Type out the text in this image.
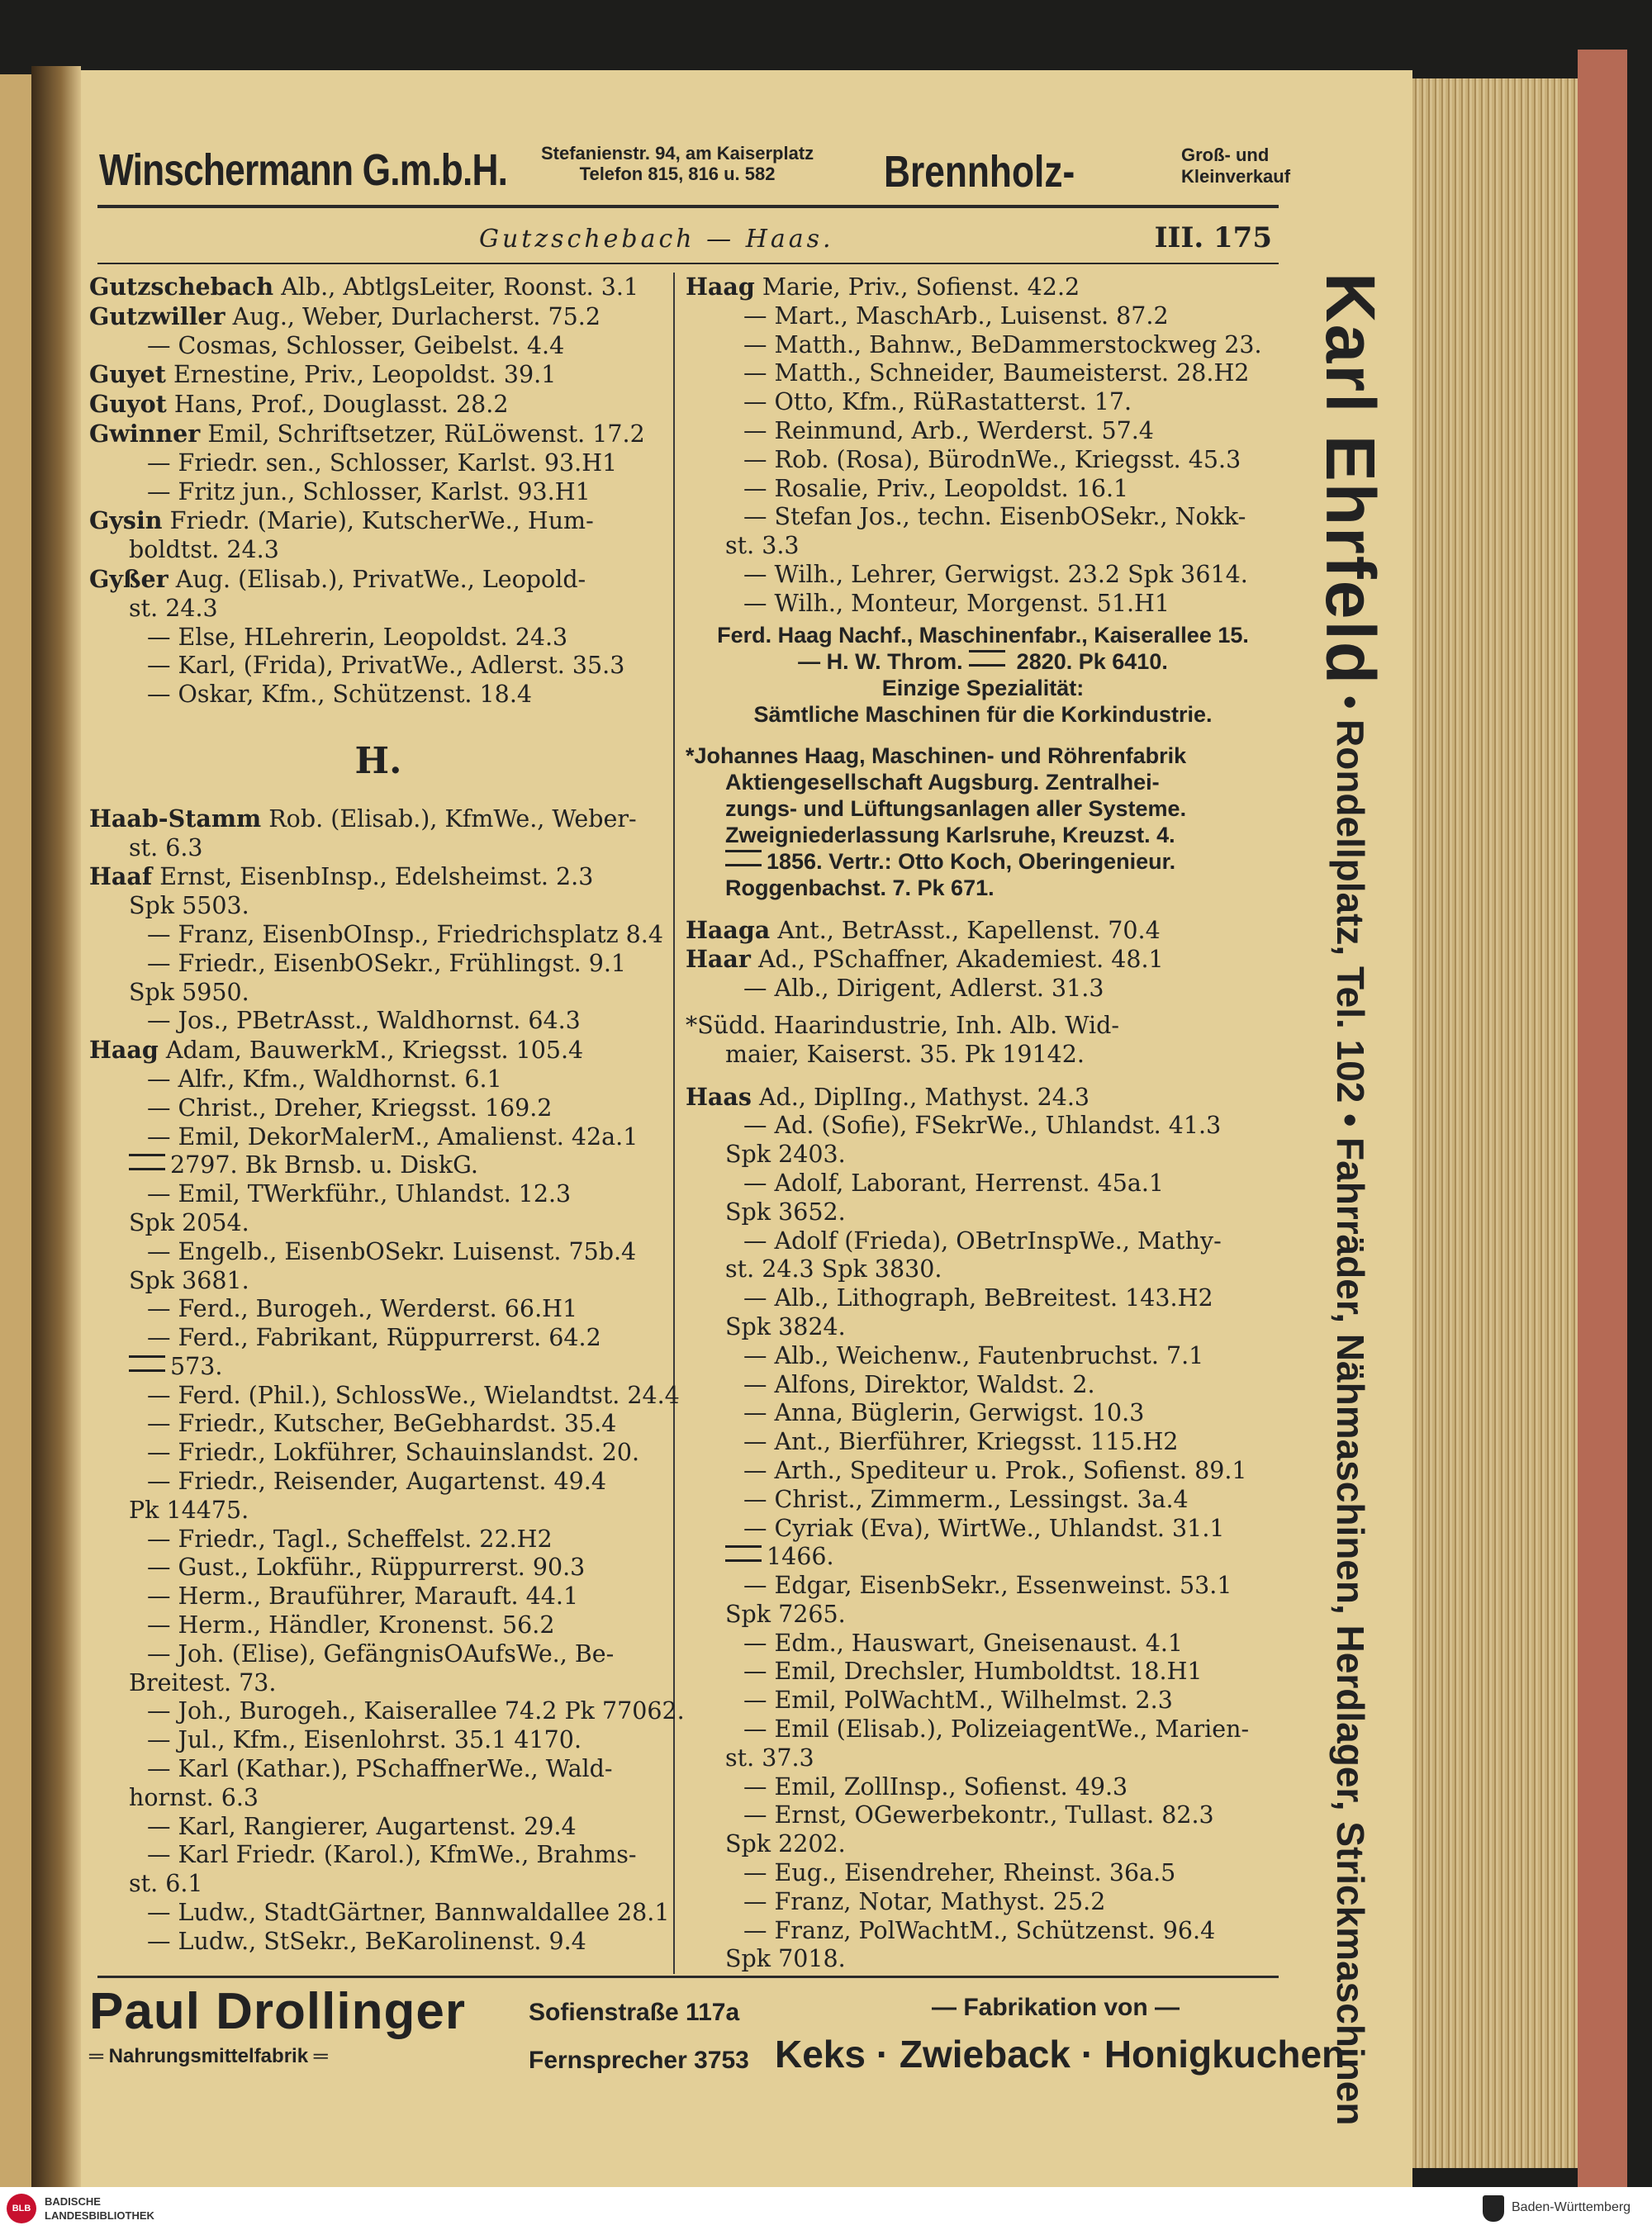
Winschermann G.m.b.H. Stefanienstr. 94, am Kaiserplatz
Telefon 815, 816 u. 582	Brennholz-	Groß- und
Kleinverkauf
Gutzschebach — Haas.	III. 175
Gutzschebach Alb., AbtlgsLeiter, Roonst. 3.1
Gutzwiller Aug., Weber, Durlacherst. 75.2
— Cosmas, Schlosser, Geibelst. 4.4
Guyet Ernestine, Priv., Leopoldst. 39.1
Guyot Hans, Prof., Douglasst. 28.2
Gwinner Emil, Schriftsetzer, RüLöwenst. 17.2
— Friedr. sen., Schlosser, Karlst. 93.H1
— Fritz jun., Schlosser, Karlst. 93.H1
Gysin Friedr. (Marie), KutscherWe., Hum-
boldtst. 24.3
Gyßer Aug. (Elisab.), PrivatWe., Leopold-
st. 24.3
— Else, HLehrerin, Leopoldst. 24.3
— Karl, (Frida), PrivatWe., Adlerst. 35.3
— Oskar, Kfm., Schützenst. 18.4
H.
Haab-Stamm Rob. (Elisab.), KfmWe., Weber-
st. 6.3
Haaf Ernst, EisenbInsp., Edelsheimst. 2.3
Spk 5503.
— Franz, EisenbOInsp., Friedrichsplatz 8.4
— Friedr., EisenbOSekr., Frühlingst. 9.1
Spk 5950.
— Jos., PBetrAsst., Waldhornst. 64.3
Haag Adam, BauwerkM., Kriegsst. 105.4
— Alfr., Kfm., Waldhornst. 6.1
— Christ., Dreher, Kriegsst. 169.2
— Emil, DekorMalerM., Amalienst. 42a.1
2797. Bk Brnsb. u. DiskG.
— Emil, TWerkführ., Uhlandst. 12.3
Spk 2054.
— Engelb., EisenbOSekr. Luisenst. 75b.4
Spk 3681.
— Ferd., Burogeh., Werderst. 66.H1
— Ferd., Fabrikant, Rüppurrerst. 64.2
573.
— Ferd. (Phil.), SchlossWe., Wielandtst. 24.4
— Friedr., Kutscher, BeGebhardst. 35.4
— Friedr., Lokführer, Schauinslandst. 20.
— Friedr., Reisender, Augartenst. 49.4
Pk 14475.
— Friedr., Tagl., Scheffelst. 22.H2
— Gust., Lokführ., Rüppurrerst. 90.3
— Herm., Brauführer, Marauft. 44.1
— Herm., Händler, Kronenst. 56.2
— Joh. (Elise), GefängnisOAufsWe., Be-
Breitest. 73.
— Joh., Burogeh., Kaiserallee 74.2 Pk 77062.
— Jul., Kfm., Eisenlohrst. 35.1 4170.
— Karl (Kathar.), PSchaffnerWe., Wald-
hornst. 6.3
— Karl, Rangierer, Augartenst. 29.4
— Karl Friedr. (Karol.), KfmWe., Brahms-
st. 6.1
— Ludw., StadtGärtner, Bannwaldallee 28.1
— Ludw., StSekr., BeKarolinenst. 9.4
Haag Marie, Priv., Sofienst. 42.2
— Mart., MaschArb., Luisenst. 87.2
— Matth., Bahnw., BeDammerstockweg 23.
— Matth., Schneider, Baumeisterst. 28.H2
— Otto, Kfm., RüRastatterst. 17.
— Reinmund, Arb., Werderst. 57.4
— Rob. (Rosa), BürodnWe., Kriegsst. 45.3
— Rosalie, Priv., Leopoldst. 16.1
— Stefan Jos., techn. EisenbOSekr., Nokk-
st. 3.3
— Wilh., Lehrer, Gerwigst. 23.2 Spk 3614.
— Wilh., Monteur, Morgenst. 51.H1
Ferd. Haag Nachf., Maschinenfabr., Kaiserallee 15.
— H. W. Throm. 2820. Pk 6410.
Einzige Spezialität:
Sämtliche Maschinen für die Korkindustrie.
*Johannes Haag, Maschinen- und Röhrenfabrik
Aktiengesellschaft Augsburg. Zentralhei-
zungs- und Lüftungsanlagen aller Systeme.
Zweigniederlassung Karlsruhe, Kreuzst. 4.
1856. Vertr.: Otto Koch, Oberingenieur.
Roggenbachst. 7. Pk 671.
Haaga Ant., BetrAsst., Kapellenst. 70.4
Haar Ad., PSchaffner, Akademiest. 48.1
— Alb., Dirigent, Adlerst. 31.3
*Südd. Haarindustrie, Inh. Alb. Wid-
maier, Kaiserst. 35. Pk 19142.
Haas Ad., DiplIng., Mathyst. 24.3
— Ad. (Sofie), FSekrWe., Uhlandst. 41.3
Spk 2403.
— Adolf, Laborant, Herrenst. 45a.1
Spk 3652.
— Adolf (Frieda), OBetrInspWe., Mathy-
st. 24.3 Spk 3830.
— Alb., Lithograph, BeBreitest. 143.H2
Spk 3824.
— Alb., Weichenw., Fautenbruchst. 7.1
— Alfons, Direktor, Waldst. 2.
— Anna, Büglerin, Gerwigst. 10.3
— Ant., Bierführer, Kriegsst. 115.H2
— Arth., Spediteur u. Prok., Sofienst. 89.1
— Christ., Zimmerm., Lessingst. 3a.4
— Cyriak (Eva), WirtWe., Uhlandst. 31.1
1466.
— Edgar, EisenbSekr., Essenweinst. 53.1
Spk 7265.
— Edm., Hauswart, Gneisenaust. 4.1
— Emil, Drechsler, Humboldtst. 18.H1
— Emil, PolWachtM., Wilhelmst. 2.3
— Emil (Elisab.), PolizeiagentWe., Marien-
st. 37.3
— Emil, ZollInsp., Sofienst. 49.3
— Ernst, OGewerbekontr., Tullast. 82.3
Spk 2202.
— Eug., Eisendreher, Rheinst. 36a.5
— Franz, Notar, Mathyst. 25.2
— Franz, PolWachtM., Schützenst. 96.4
Spk 7018.
Karl Ehrfeld
• Rondellplatz, Tel. 102 • Fahrräder, Nähmaschinen, Herdlager, Strickmaschinen
Paul Drollinger
═ Nahrungsmittelfabrik ═
Sofienstraße 117a
Fernsprecher 3753
— Fabrikation von —
Keks · Zwieback · Honigkuchen
BLB
BADISCHE
LANDESBIBLIOTHEK
Baden-Württemberg
